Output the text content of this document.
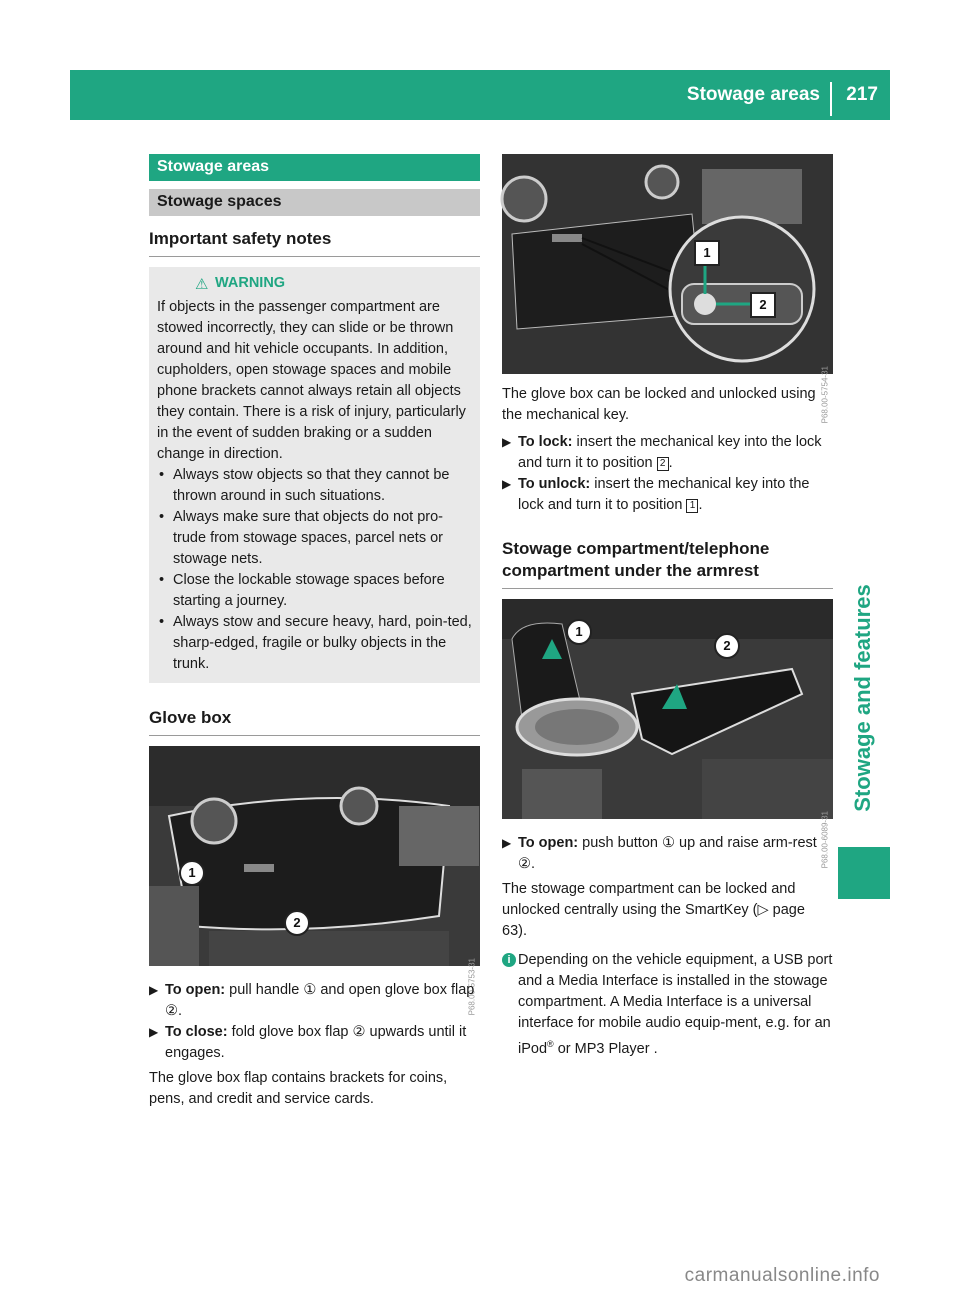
Stowage areas 217
Stowage and features
Stowage areas
Stowage spaces
Important safety notes
⚠ WARNING

If objects in the passenger compartment are stowed incorrectly, they can slide or be thrown around and hit vehicle occupants. In addition, cupholders, open stowage spaces and mobile phone brackets cannot always retain all objects they contain. There is a risk of injury, particularly in the event of sudden braking or a sudden change in direction.

• Always stow objects so that they cannot be thrown around in such situations.
• Always make sure that objects do not pro-trude from stowage spaces, parcel nets or stowage nets.
• Close the lockable stowage spaces before starting a journey.
• Always stow and secure heavy, hard, poin-ted, sharp-edged, fragile or bulky objects in the trunk.
Glove box
1
2
P68.00-5753-31
▶ To open: pull handle ① and open glove box flap ②.
▶ To close: fold glove box flap ② upwards until it engages.

The glove box flap contains brackets for coins, pens, and credit and service cards.

1
2
P68.00-5754-31

The glove box can be locked and unlocked using the mechanical key.

▶ To lock: insert the mechanical key into the lock and turn it to position 2 .
▶ To unlock: insert the mechanical key into the lock and turn it to position 1 .
Stowage compartment/telephone
compartment under the armrest
1
2
P68.00-6089-31
▶ To open: push button ① up and raise arm-rest ②.

The stowage compartment can be locked and unlocked centrally using the SmartKey (▷ page 63).

i Depending on the vehicle equipment, a USB port and a Media Interface is installed in the stowage compartment. A Media Interface is a universal interface for mobile audio equip-ment, e.g. for an iPod® or MP3 Player .

carmanualsonline.info
